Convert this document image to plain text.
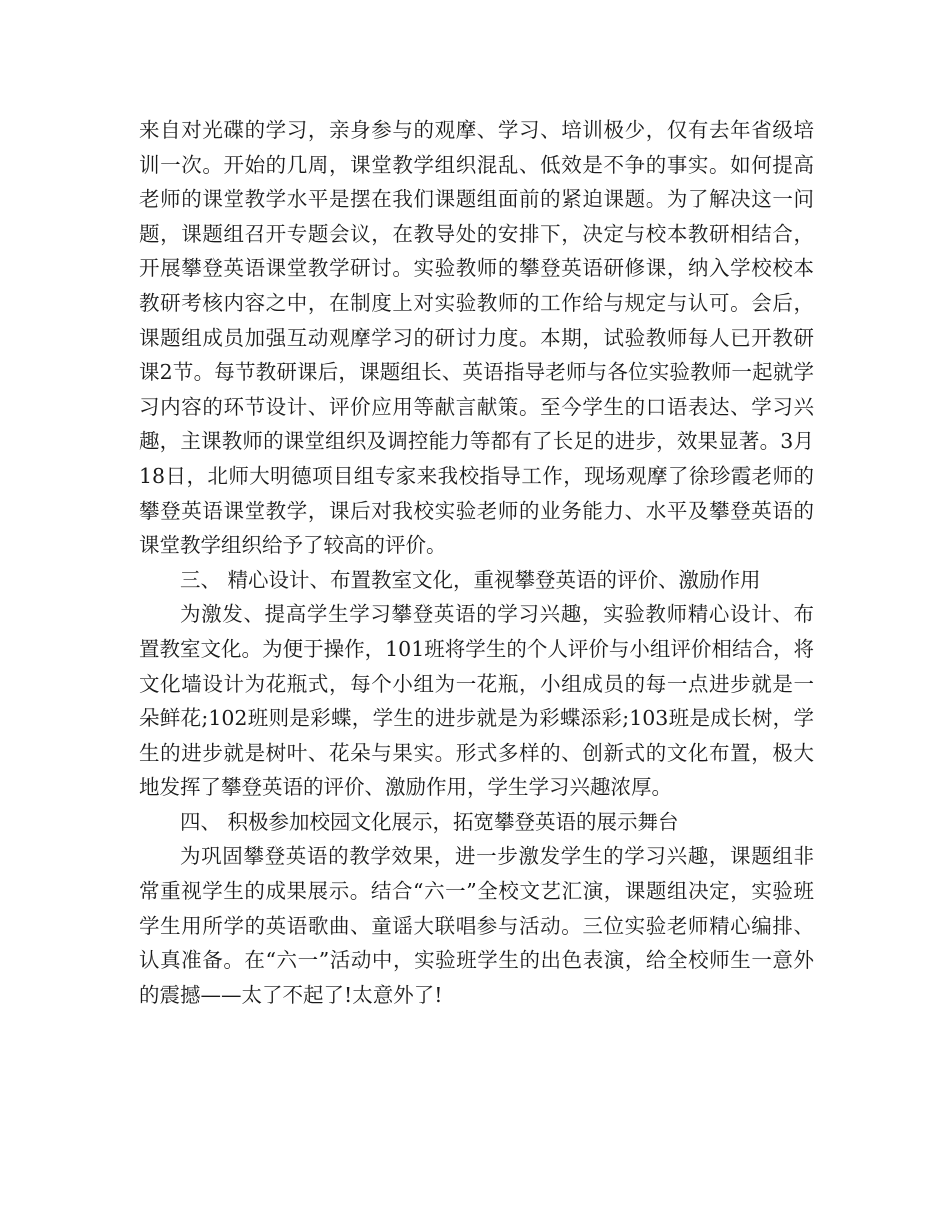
来自对光碟的学习，亲身参与的观摩、学习、培训极少，仅有去年省级培训一次。开始的几周，课堂教学组织混乱、低效是不争的事实。如何提高老师的课堂教学水平是摆在我们课题组面前的紧迫课题。为了解决这一问题，课题组召开专题会议，在教导处的安排下，决定与校本教研相结合，开展攀登英语课堂教学研讨。实验教师的攀登英语研修课，纳入学校校本教研考核内容之中，在制度上对实验教师的工作给与规定与认可。会后，课题组成员加强互动观摩学习的研讨力度。本期，试验教师每人已开教研课2节。每节教研课后，课题组长、英语指导老师与各位实验教师一起就学习内容的环节设计、评价应用等献言献策。至今学生的口语表达、学习兴趣，主课教师的课堂组织及调控能力等都有了长足的进步，效果显著。3月18日，北师大明德项目组专家来我校指导工作，现场观摩了徐珍霞老师的攀登英语课堂教学，课后对我校实验老师的业务能力、水平及攀登英语的课堂教学组织给予了较高的评价。

三、 精心设计、布置教室文化，重视攀登英语的评价、激励作用

为激发、提高学生学习攀登英语的学习兴趣，实验教师精心设计、布置教室文化。为便于操作，101班将学生的个人评价与小组评价相结合，将文化墙设计为花瓶式，每个小组为一花瓶，小组成员的每一点进步就是一朵鲜花;102班则是彩蝶，学生的进步就是为彩蝶添彩;103班是成长树，学生的进步就是树叶、花朵与果实。形式多样的、创新式的文化布置，极大地发挥了攀登英语的评价、激励作用，学生学习兴趣浓厚。

四、 积极参加校园文化展示，拓宽攀登英语的展示舞台

为巩固攀登英语的教学效果，进一步激发学生的学习兴趣，课题组非常重视学生的成果展示。结合“六一”全校文艺汇演，课题组决定，实验班学生用所学的英语歌曲、童谣大联唱参与活动。三位实验老师精心编排、认真准备。在“六一”活动中，实验班学生的出色表演，给全校师生一意外的震撼——太了不起了!太意外了!
